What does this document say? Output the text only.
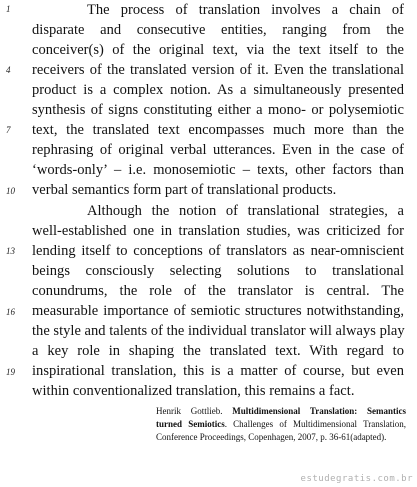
1
4
7
10
13
16
19
The process of translation involves a chain of
disparate and consecutive entities, ranging from the
conceiver(s) of the original text, via the text itself to the
receivers of the translated version of it. Even the translational
product is a complex notion. As a simultaneously presented
synthesis of signs constituting either a mono- or polysemiotic
text, the translated text encompasses much more than the
rephrasing of original verbal utterances. Even in the case of
‘words-only’ – i.e. monosemiotic – texts, other factors than
verbal semantics form part of translational products.
Although the notion of translational strategies, a
well-established one in translation studies, was criticized for
lending itself to conceptions of translators as near-omniscient
beings consciously selecting solutions to translational
conundrums, the role of the translator is central. The
measurable importance of semiotic structures notwithstanding,
the style and talents of the individual translator will always play
a key role in shaping the translated text. With regard to
inspirational translation, this is a matter of course, but even
within conventionalized translation, this remains a fact.
Henrik Gottlieb. Multidimensional Translation: Semantics
turned Semiotics. Challenges of Multidimensional Translation,
Conference Proceedings, Copenhagen, 2007, p. 36-61(adapted).
estudegratis.com.br
